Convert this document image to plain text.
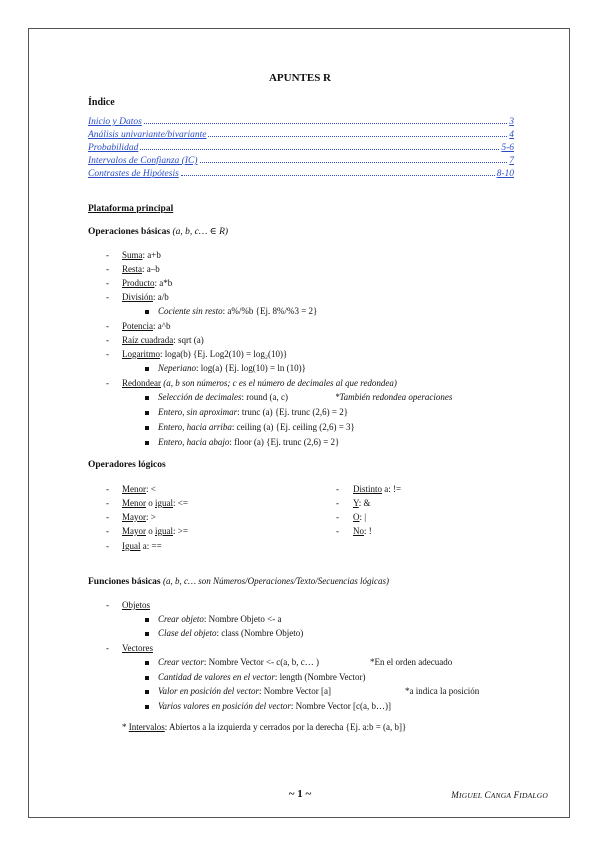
APUNTES R
Índice
Inicio y Datos	3
Análisis univariante/bivariante	4
Probabilidad	5-6
Intervalos de Confianza (IC)	7
Contrastes de Hipótesis	8-10
Plataforma principal
Operaciones básicas (a, b, c… ∈ R)
- Suma: a+b
- Resta: a–b
- Producto: a*b
- División: a/b
Cociente sin resto: a%/%b {Ej. 8%/%3 = 2}
- Potencia: a^b
- Raíz cuadrada: sqrt (a)
- Logaritmo: loga(b) {Ej. Log2(10) = log₂(10)}
Neperiano: log(a) {Ej. log(10) = ln (10)}
- Redondear (a, b son números; c es el número de decimales al que redondea)
Selección de decimales: round (a, c)	*También redondea operaciones
Entero, sin aproximar: trunc (a) {Ej. trunc (2,6) = 2}
Entero, hacia arriba: ceiling (a) {Ej. ceiling (2,6) = 3}
Entero, hacia abajo: floor (a) {Ej. trunc (2,6) = 2}
Operadores lógicos
- Menor: <
- Menor o igual: <=
- Mayor: >
- Mayor o igual: >=
- Igual a: ==
- Distinto a: !=
- Y: &
- O: |
- No: !
Funciones básicas (a, b, c… son Números/Operaciones/Texto/Secuencias lógicas)
- Objetos
Crear objeto: Nombre Objeto <- a
Clase del objeto: class (Nombre Objeto)
- Vectores
Crear vector: Nombre Vector <- c(a, b, c… )	*En el orden adecuado
Cantidad de valores en el vector: length (Nombre Vector)
Valor en posición del vector: Nombre Vector [a]	*a indica la posición
Varios valores en posición del vector: Nombre Vector [c(a, b…)]
* Intervalos: Abiertos a la izquierda y cerrados por la derecha {Ej. a:b = (a, b]}
~ 1 ~	MIGUEL CANGA FIDALGO
